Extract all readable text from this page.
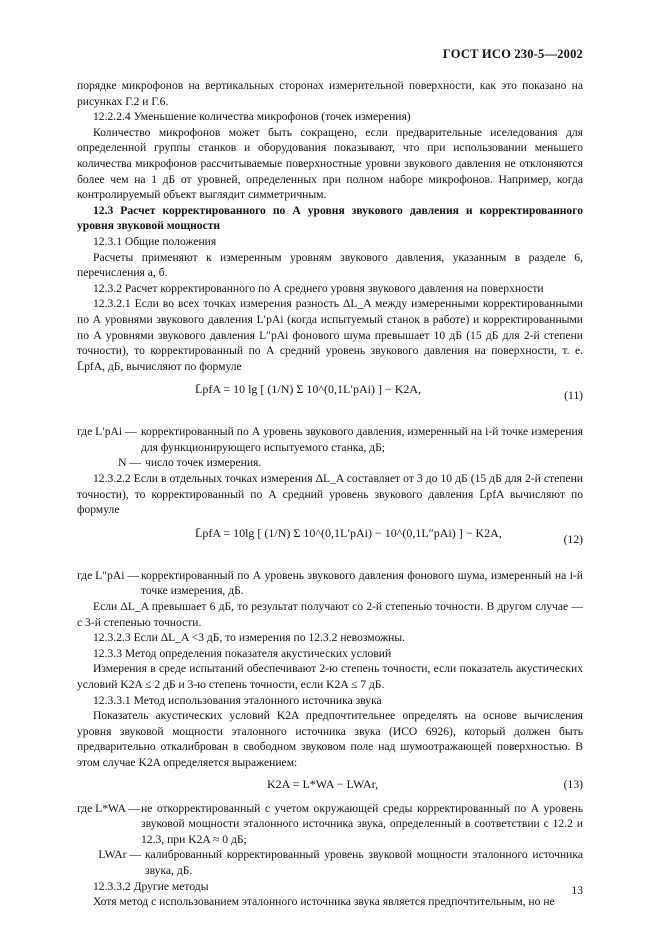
ГОСТ ИСО 230-5—2002

порядке микрофонов на вертикальных сторонах измерительной поверхности, как это показано на рисунках Г.2 и Г.6.

12.2.2.4 Уменьшение количества микрофонов (точек измерения)

Количество микрофонов может быть сокращено, если предварительные иселедования для определенной группы станков и оборудования показывают, что при использовании меньшего количества микрофонов рассчитываемые поверхностные уровни звукового давления не отклоняются более чем на 1 дБ от уровней, определенных при полном наборе микрофонов. Например, когда контролируемый объект выглядит симметричным.

12.3 Расчет корректированного по А уровня звукового давления и корректированного уровня звуковой мощности

12.3.1 Общие положения

Расчеты применяют к измеренным уровням звукового давления, указанным в разделе 6, перечисления а, б.

12.3.2 Расчет корректированного по А среднего уровня звукового давления на поверхности

12.3.2.1 Если во всех точках измерения разность ΔL_A между измеренными корректированными по А уровнями звукового давления L′pAi (когда испытуемый станок в работе) и корректированными по А уровнями звукового давления L″pAi фонового шума превышает 10 дБ (15 дБ для 2-й степени точности), то корректированный по А средний уровень звукового давления на поверхности, т. е. L̄pfA, дБ, вычисляют по формуле

L̄pfA = 10 lg [ (1/N) Σ 10^(0,1L′pAi) ] − K2A,	(11)
где L′pAi — корректированный по А уровень звукового давления, измеренный на i-й точке измерения для функционирующего испытуемого станка, дБ;
N — число точек измерения.

12.3.2.2 Если в отдельных точках измерения ΔL_A составляет от 3 до 10 дБ (15 дБ для 2-й степени точности), то корректированный по А средний уровень звукового давления L̄pfA вычисляют по формуле

L̄pfA = 10lg [ (1/N) Σ 10^(0,1L′pAi) − 10^(0,1L″pAi) ] − K2A,	(12)
где L″pAi — корректированный по А уровень звукового давления фонового шума, измеренный на i-й точке измерения, дБ.

Если ΔL_A превышает 6 дБ, то результат получают со 2-й степенью точности. В другом случае — с 3-й степенью точности.

12.3.2.3 Если ΔL_A <3 дБ, то измерения по 12.3.2 невозможны.

12.3.3 Метод определения показателя акустических условий

Измерения в среде испытаний обеспечивают 2-ю степень точности, если показатель акустических условий K2A ≤ 2 дБ и 3-ю степень точности, если K2A ≤ 7 дБ.

12.3.3.1 Метод использования эталонного источника звука

Показатель акустических условий K2A предпочтительнее определять на основе вычисления уровня звуковой мощности эталонного источника звука (ИСО 6926), который должен быть предварительно откалиброван в свободном звуковом поле над шумоотражающей поверхностью. В этом случае K2A определяется выражением:

K2A = L*WA − LWAr,	(13)
где L*WA — не откорректированный с учетом окружающей среды корректированный по А уровень звуковой мощности эталонного источника звука, определенный в соответствии с 12.2 и 12.3, при K2A ≈ 0 дБ;
LWAr — калиброванный корректированный уровень звуковой мощности эталонного источника звука, дБ.

12.3.3.2 Другие методы

Хотя метод с использованием эталонного источника звука является предпочтительным, но не

13
